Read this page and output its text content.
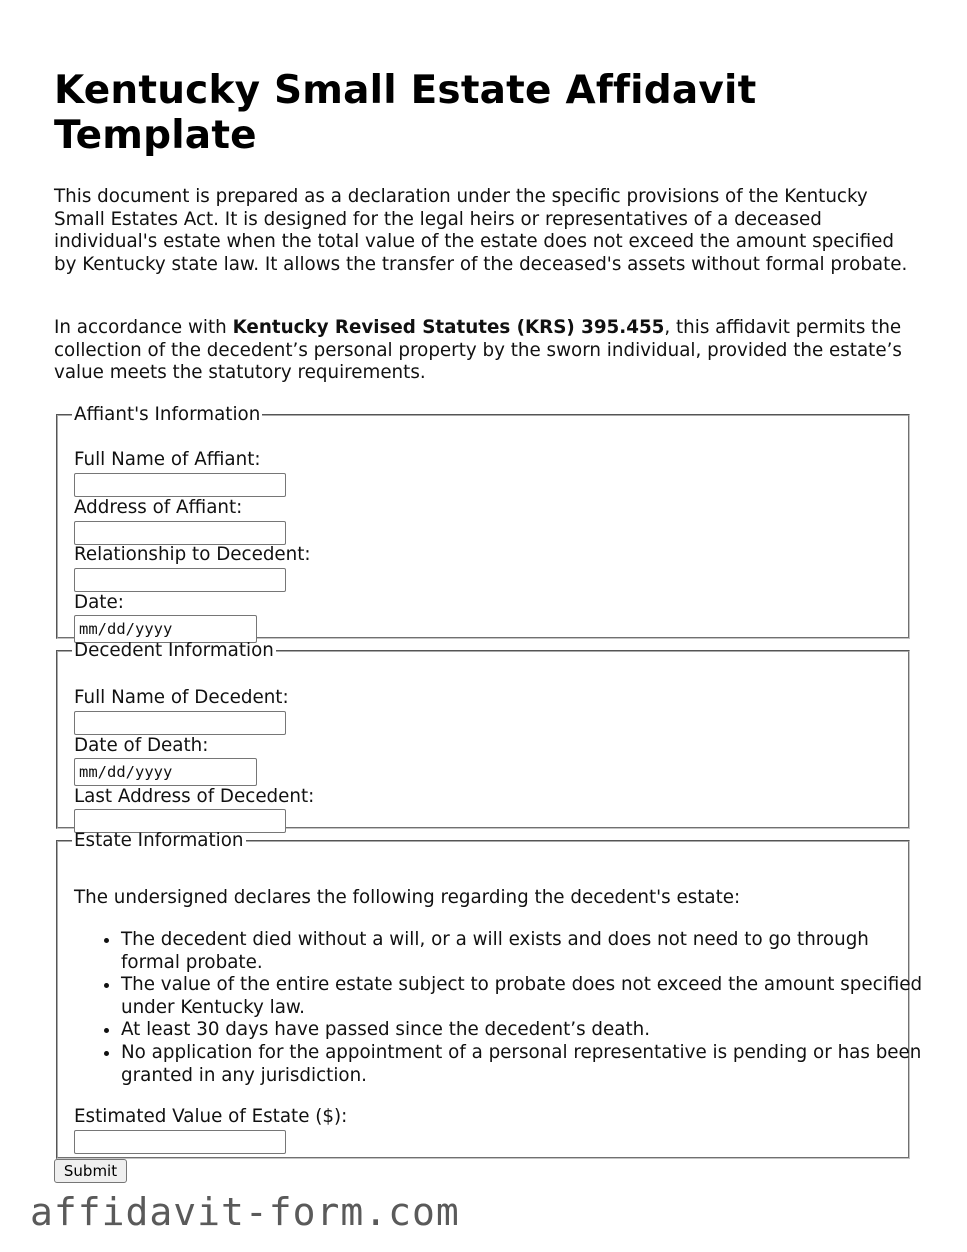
Kentucky Small Estate Affidavit Template

This document is prepared as a declaration under the specific provisions of the Kentucky Small Estates Act. It is designed for the legal heirs or representatives of a deceased individual's estate when the total value of the estate does not exceed the amount specified by Kentucky state law. It allows the transfer of the deceased's assets without formal probate.

In accordance with Kentucky Revised Statutes (KRS) 395.455, this affidavit permits the collection of the decedent’s personal property by the sworn individual, provided the estate’s value meets the statutory requirements.

Affiant's Information
Full Name of Affiant:
Address of Affiant:
Relationship to Decedent:
Date:
mm/dd/yyyy
Decedent Information
Full Name of Decedent:
Date of Death:
mm/dd/yyyy
Last Address of Decedent:
Estate Information

The undersigned declares the following regarding the decedent's estate:

• The decedent died without a will, or a will exists and does not need to go through formal probate.
• The value of the entire estate subject to probate does not exceed the amount specified under Kentucky law.
• At least 30 days have passed since the decedent’s death.
• No application for the appointment of a personal representative is pending or has been granted in any jurisdiction.
Estimated Value of Estate ($):
Submit
affidavit-form.com
